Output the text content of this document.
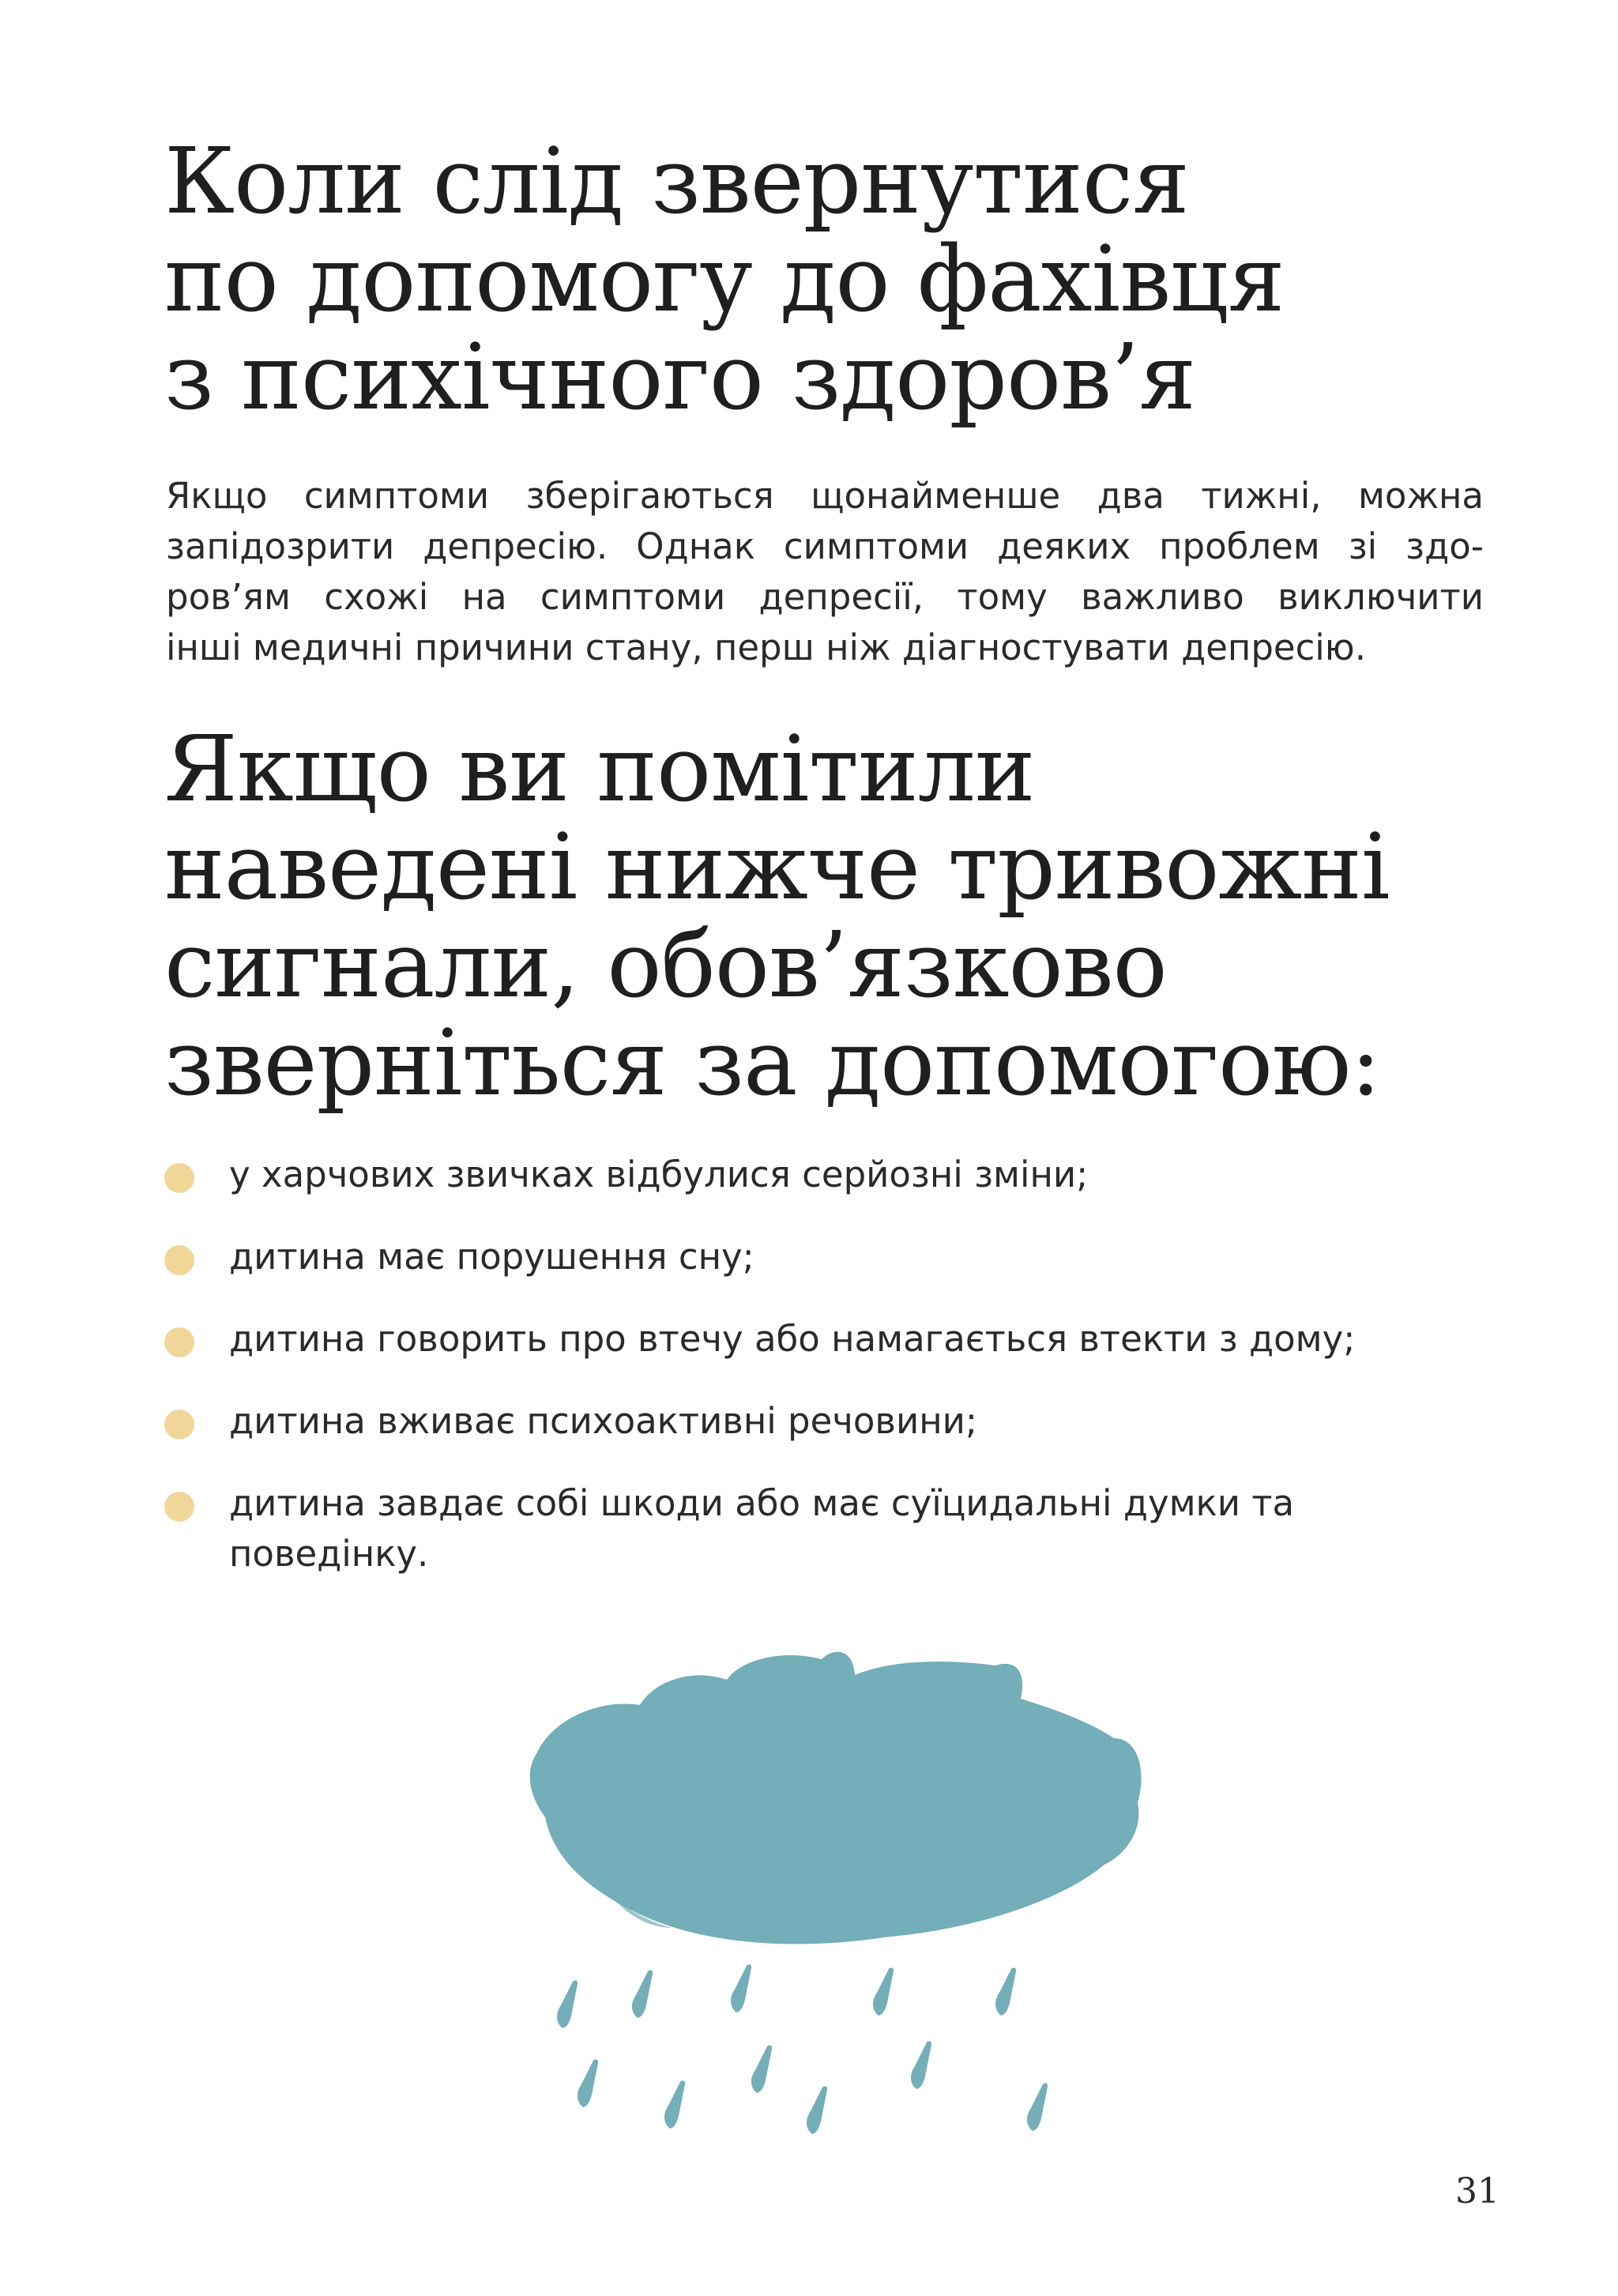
Коли слід звернутися
по допомогу до фахівця
з психічного здоров’я

Якщо симптоми зберігаються щонайменше два тижні, можна
запідозрити депресію. Однак симптоми деяких проблем зі здо-
ров’ям схожі на симптоми депресії, тому важливо виключити
інші медичні причини стану, перш ніж діагностувати депресію.

Якщо ви помітили
наведені нижче тривожні
сигнали, обов’язково
зверніться за допомогою:
у харчових звичках відбулися серйозні зміни;
дитина має порушення сну;
дитина говорить про втечу або намагається втекти з дому;
дитина вживає психоактивні речовини;
дитина завдає собі шкоди або має суїцидальні думки та
поведінку.
31
